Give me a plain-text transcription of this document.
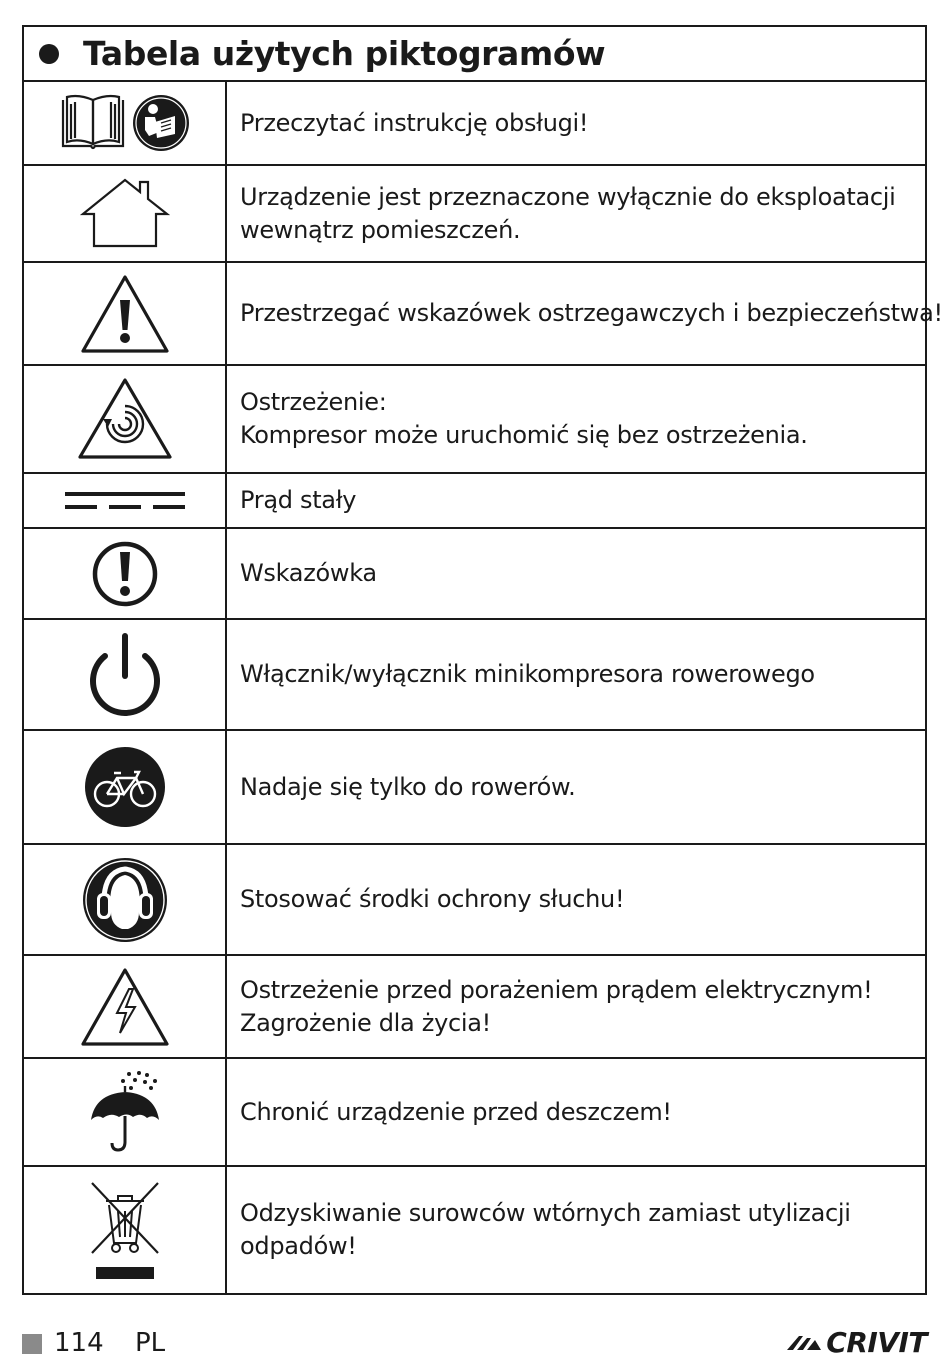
Tabela użytych piktogramów
Przeczytać instrukcję obsługi!
Urządzenie jest przeznaczone wyłącznie do eksploatacji
wewnątrz pomieszczeń.
Przestrzegać wskazówek ostrzegawczych i bezpieczeństwa!
Ostrzeżenie:
Kompresor może uruchomić się bez ostrzeżenia.
Prąd stały
Wskazówka
Włącznik/wyłącznik minikompresora rowerowego
Nadaje się tylko do rowerów.
Stosować środki ochrony słuchu!
Ostrzeżenie przed porażeniem prądem elektrycznym!
Zagrożenie dla życia!
Chronić urządzenie przed deszczem!
Odzyskiwanie surowców wtórnych zamiast utylizacji
odpadów!
114 PL	CRIVIT
